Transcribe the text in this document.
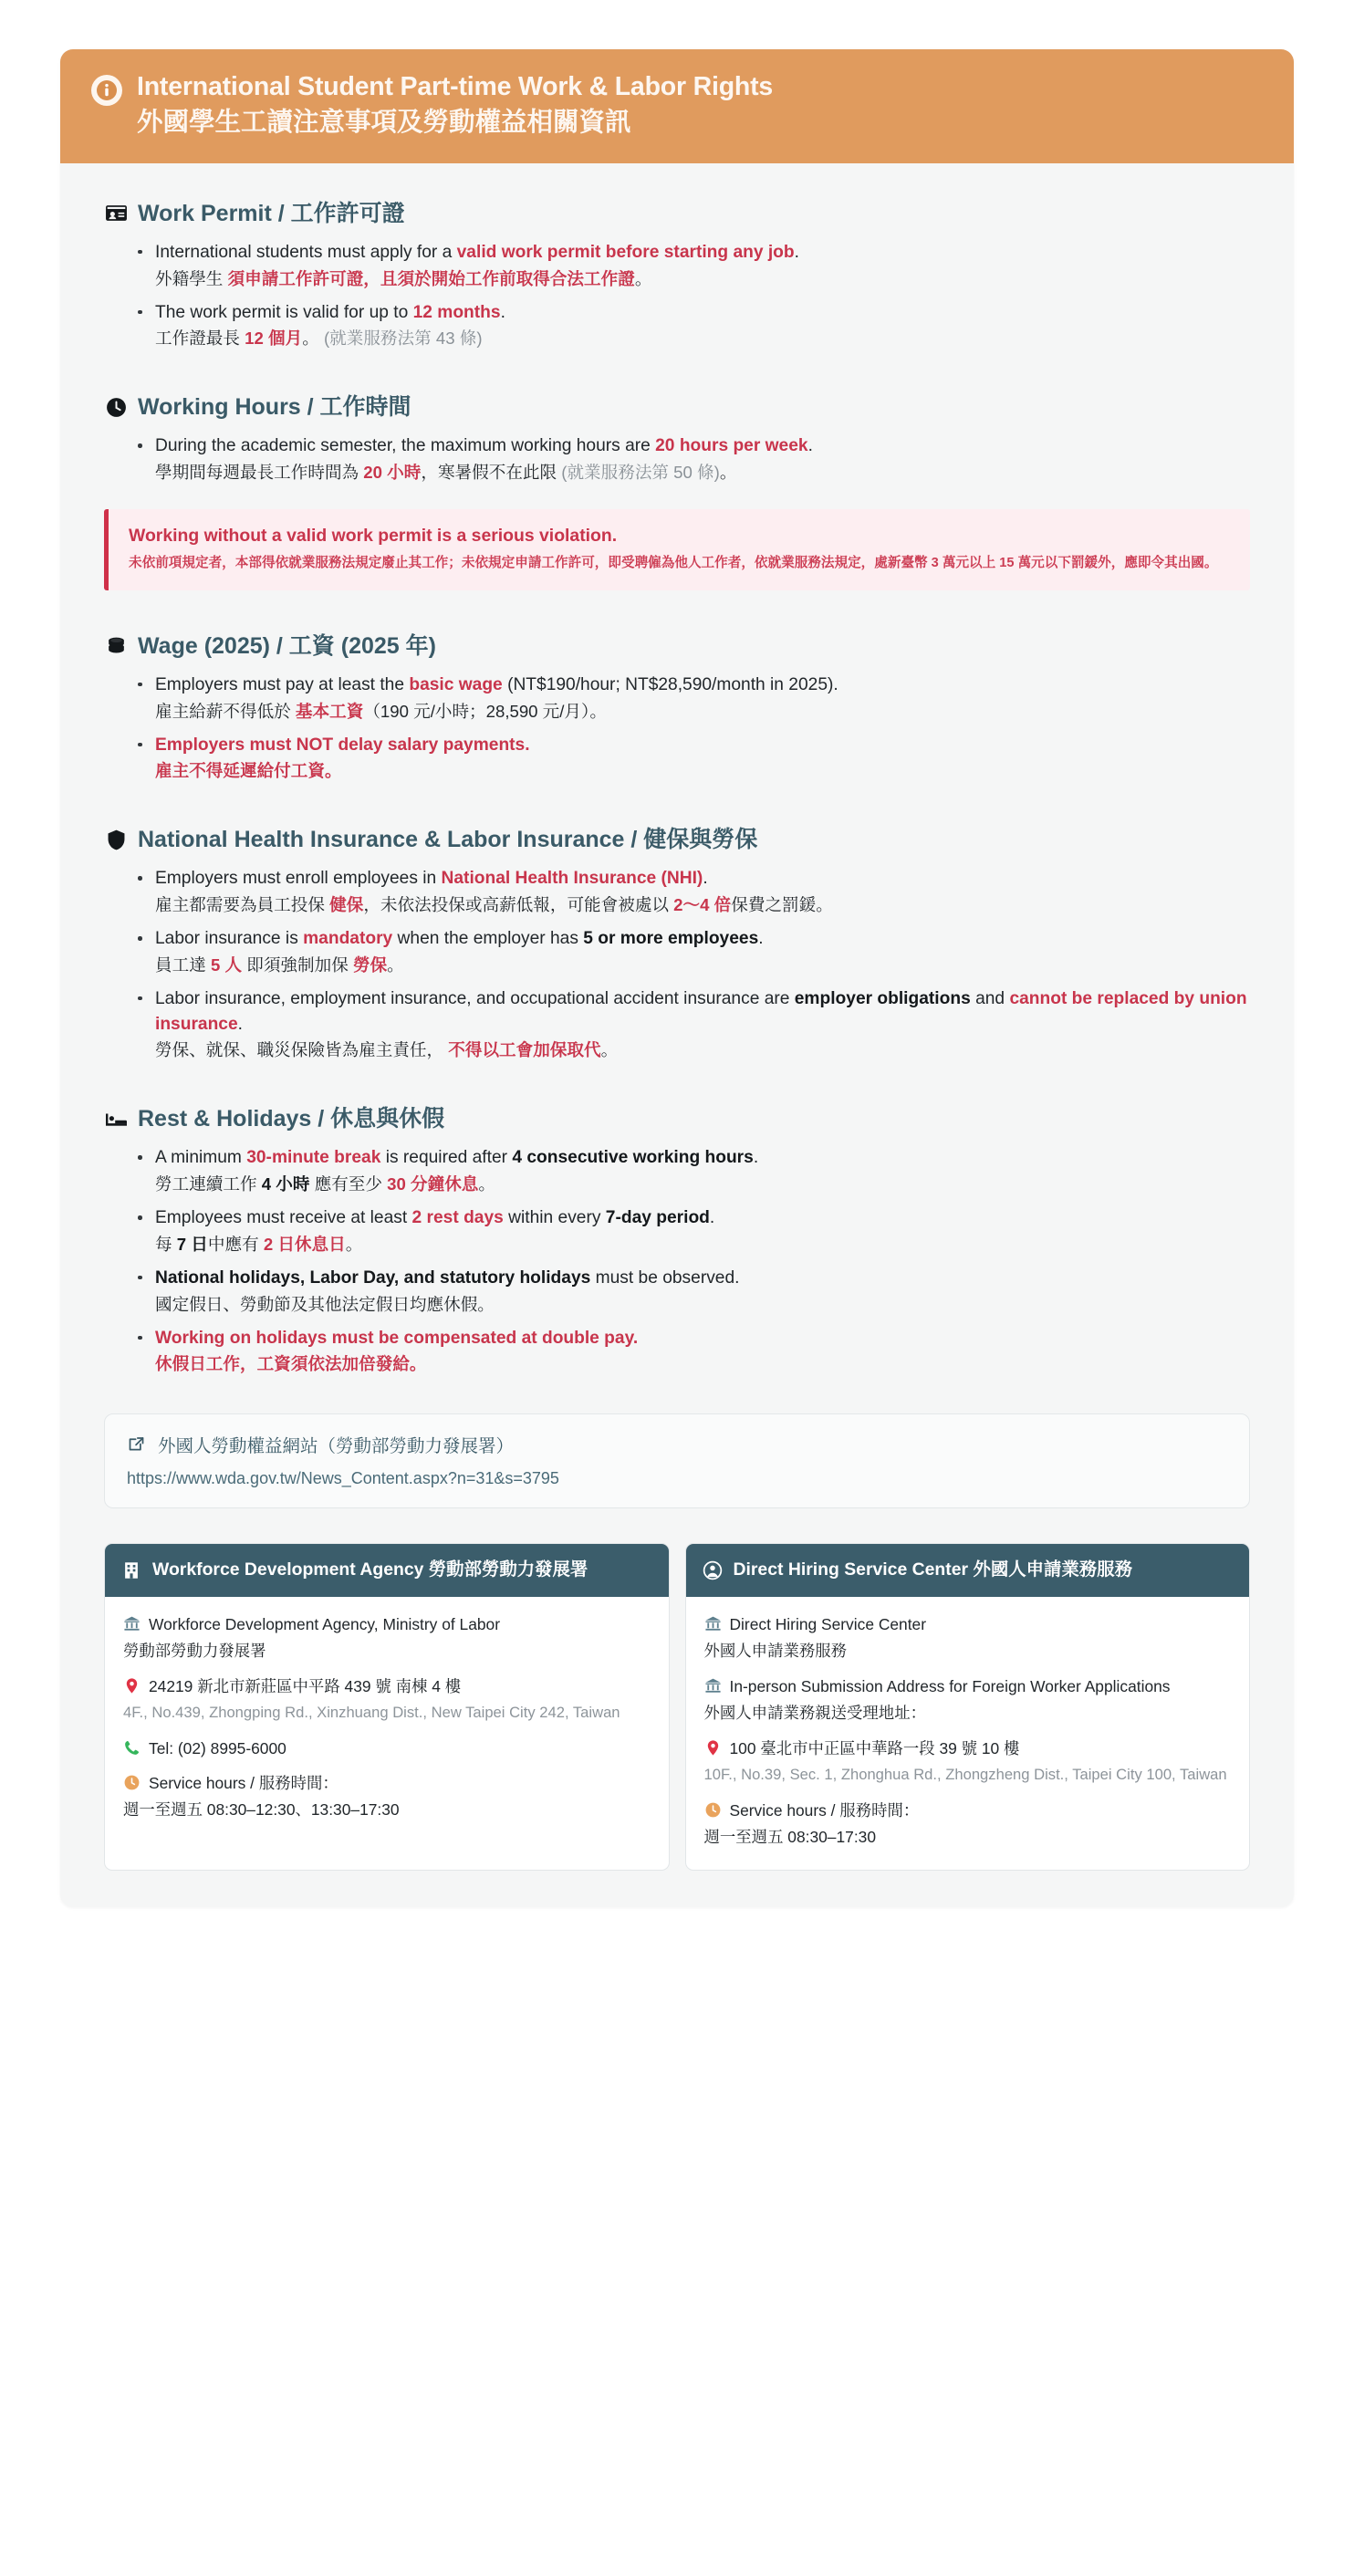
International Student Part-time Work & Labor Rights
外國學生工讀注意事項及勞動權益相關資訊
Work Permit / 工作許可證
International students must apply for a valid work permit before starting any job.
外籍學生 須申請工作許可證，且須於開始工作前取得合法工作證。
The work permit is valid for up to 12 months.
工作證最長 12 個月。 (就業服務法第 43 條)
Working Hours / 工作時間
During the academic semester, the maximum working hours are 20 hours per week.
學期間每週最長工作時間為 20 小時，寒暑假不在此限 (就業服務法第 50 條)。
Working without a valid work permit is a serious violation.
未依前項規定者，本部得依就業服務法規定廢止其工作；未依規定申請工作許可，即受聘僱為他人工作者，依就業服務法規定，處新臺幣 3 萬元以上 15 萬元以下罰鍰外，應即令其出國。
Wage (2025) / 工資 (2025 年)
Employers must pay at least the basic wage (NT$190/hour; NT$28,590/month in 2025).
雇主給薪不得低於 基本工資（190 元/小時；28,590 元/月）。
Employers must NOT delay salary payments.
雇主不得延遲給付工資。
National Health Insurance & Labor Insurance / 健保與勞保
Employers must enroll employees in National Health Insurance (NHI).
雇主都需要為員工投保 健保，未依法投保或高薪低報，可能會被處以 2～4 倍保費之罰鍰。
Labor insurance is mandatory when the employer has 5 or more employees.
員工達 5 人 即須強制加保 勞保。
Labor insurance, employment insurance, and occupational accident insurance are employer obligations and cannot be replaced by union insurance.
勞保、就保、職災保險皆為雇主責任， 不得以工會加保取代。
Rest & Holidays / 休息與休假
A minimum 30-minute break is required after 4 consecutive working hours.
勞工連續工作 4 小時 應有至少 30 分鐘休息。
Employees must receive at least 2 rest days within every 7-day period.
每 7 日中應有 2 日休息日。
National holidays, Labor Day, and statutory holidays must be observed.
國定假日、勞動節及其他法定假日均應休假。
Working on holidays must be compensated at double pay.
休假日工作，工資須依法加倍發給。
外國人勞動權益網站（勞動部勞動力發展署）
https://www.wda.gov.tw/News_Content.aspx?n=31&s=3795
Workforce Development Agency 勞動部勞動力發展署
Workforce Development Agency, Ministry of Labor
勞動部勞動力發展署
24219 新北市新莊區中平路 439 號 南棟 4 樓
4F., No.439, Zhongping Rd., Xinzhuang Dist., New Taipei City 242, Taiwan
Tel: (02) 8995-6000
Service hours / 服務時間：
週一至週五 08:30–12:30、13:30–17:30
Direct Hiring Service Center 外國人申請業務服務
Direct Hiring Service Center
外國人申請業務服務
In-person Submission Address for Foreign Worker Applications
外國人申請業務親送受理地址：
100 臺北市中正區中華路一段 39 號 10 樓
10F., No.39, Sec. 1, Zhonghua Rd., Zhongzheng Dist., Taipei City 100, Taiwan
Service hours / 服務時間：
週一至週五 08:30–17:30
